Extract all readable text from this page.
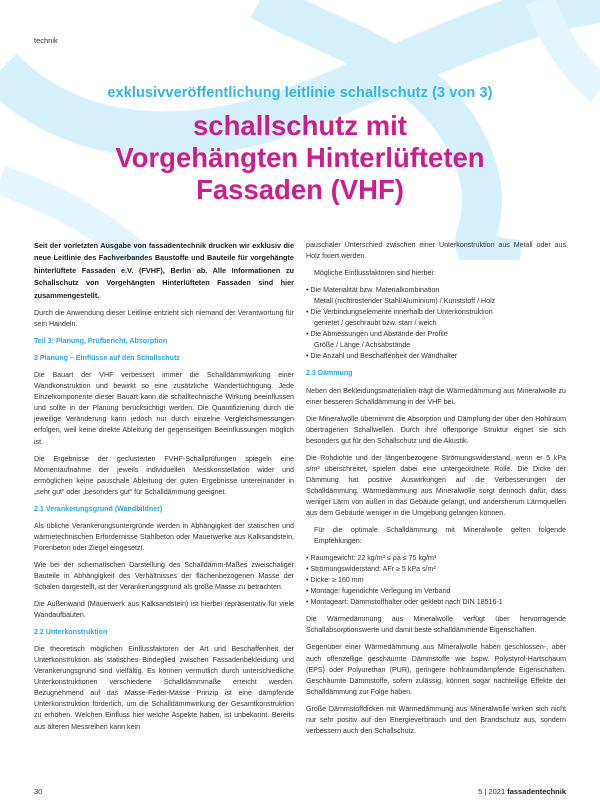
technik
exklusivveröffentlichung leitlinie schallschutz (3 von 3)
schallschutz mit
Vorgehängten Hinterlüfteten
Fassaden (VHF)

Seit der vorletzten Ausgabe von fassadentechnik drucken wir exklusiv die neue Leitlinie des Fachverbandes Baustoffe und Bauteile für vorgehängte hinterlüftete Fassaden e.V. (FVHF), Berlin ab. Alle Informationen zu Schallschutz von Vorgehängten Hinterlüfteten Fassaden sind hier zusammengestellt.

Durch die Anwendung dieser Leitlinie entzieht sich niemand der Verantwortung für sein Handeln.

Teil 3: Planung, Prüfbericht, Absorption

2 Planung – Einflüsse auf den Schallschutz

Die Bauart der VHF verbessert immer die Schalldämmwirkung einer Wandkonstruktion und bewirkt so eine zusätzliche Wandertüchtigung. Jede Einzelkomponente dieser Bauart kann die schalltechnische Wirkung beeinflussen und sollte in der Planung berücksichtigt werden. Die Quantifizierung durch die jeweilige Veränderung kann jedoch nur durch einzelne Vergleichsmessungen erfolgen, weil keine direkte Ableitung der gegenseitigen Beeinflussungen möglich ist.

Die Ergebnisse der geclusterten FVHF-Schallprüfungen spiegeln eine Momentaufnahme der jeweils individuellen Messkonstellation wider und ermöglichen keine pauschale Ableitung der guten Ergebnisse untereinander in „sehr gut“ oder „besonders gut“ für Schalldämmung geeignet.

2.1 Verankerungsgrund (Wandbildner)

Als übliche Verankerungsuntergründe werden in Abhängigkeit der statischen und wärmetechnischen Erfordernisse Stahlbeton oder Mauerwerke aus Kalksandstein, Porenbeton oder Ziegel eingesetzt.

Wie bei der schematischen Darstellung des Schalldämm-Maßes zweischaliger Bauteile in Abhängigkeit des Verhältnisses der flächenbezogenen Masse der Schalen dargestellt, ist der Verankerungsgrund als große Masse zu betrachten.

Die Außenwand (Mauerwerk aus Kalksandstein) ist hierbei repräsentativ für viele Wandaufbauten.

2.2 Unterkonstruktion

Die theoretisch möglichen Einflussfaktoren der Art und Beschaffenheit der Unterkonstruktion als statisches Bindeglied zwischen Fassadenbekleidung und Verankerungsgrund sind vielfältig. Es können vermutlich durch unterschiedliche Unterkonstruktionen verschiedene Schalldämmmaße erreicht werden. Bezugnehmend auf das Masse-Feder-Masse Prinzip ist eine dämpfende Unterkonstruktion förderlich, um die Schalldämmwirkung der Gesamtkonstruktion zu erhöhen. Welchen Einfluss hier welche Aspekte haben, ist unbekannt. Bereits aus älteren Messreihen kann kein

pauschaler Unterschied zwischen einer Unterkonstruktion aus Metall oder aus Holz fixiert werden.

Mögliche Einflussfaktoren sind hierbei:

• Die Materialität bzw. Materialkombination
Metall (nichtrostender Stahl/Aluminium) / Kunststoff / Holz
• Die Verbindungselemente innerhalb der Unterkonstruktion
genietet / geschraubt bzw. starr / weich
• Die Abmessungen und Abstände der Profile
Größe / Länge / Achsabstände
• Die Anzahl und Beschaffenheit der Wandhalter

2.3 Dämmung

Neben den Bekleidungsmaterialien trägt die Wärmedämmung aus Mineralwolle zu einer besseren Schalldämmung in der VHF bei.

Die Mineralwolle übernimmt die Absorption und Dämpfung der über den Hohlraum übertragenen Schallwellen. Durch ihre offenporige Struktur eignet sie sich besonders gut für den Schallschutz und die Akustik.

Die Rohdichte und der längenbezogene Strömungswiderstand, wenn er 5 kPa s/m² überschreitet, spielen dabei eine untergeordnete Rolle. Die Dicke der Dämmung hat positive Auswirkungen auf die Verbesserungen der Schalldämmung. Wärmedämmung aus Mineralwolle sorgt dennoch dafür, dass weniger Lärm von außen in das Gebäude gelangt, und andersherum Lärmquellen aus dem Gebäude weniger in die Umgebung gelangen können.

Für die optimale Schalldämmung mit Mineralwolle gelten folgende Empfehlungen:

• Raumgewicht: 22 kg/m³ ≤ ρa ≤ 75 kg/m³
• Strömungswiderstand: AFr ≥ 5 kPa s/m²
• Dicke: ≥ 160 mm
• Montage: fugendichte Verlegung im Verband
• Montageart: Dämmstoffhalter oder geklebt nach DIN 18516-1

Die Wärmedämmung aus Mineralwolle verfügt über hervorragende Schallabsorptionswerte und damit beste schalldämmende Eigenschaften.

Gegenüber einer Wärmedämmung aus Mineralwolle haben geschlossen-, aber auch offenzellige geschäumte Dämmstoffe wie bspw. Polystyrol-Hartschaum (EPS) oder Polyurethan (PUR), geringere hohlraumdämpfende Eigenschaften. Geschäumte Dämmstoffe, sofern zulässig, können sogar nachteilige Effekte der Schalldämmung zur Folge haben.

Große Dämmstoffdicken mit Wärmedämmung aus Mineralwolle wirken sich nicht nur sehr positiv auf den Energieverbrauch und den Brandschutz aus, sondern verbessern auch den Schallschutz.

30	5 | 2021 fassadentechnik
